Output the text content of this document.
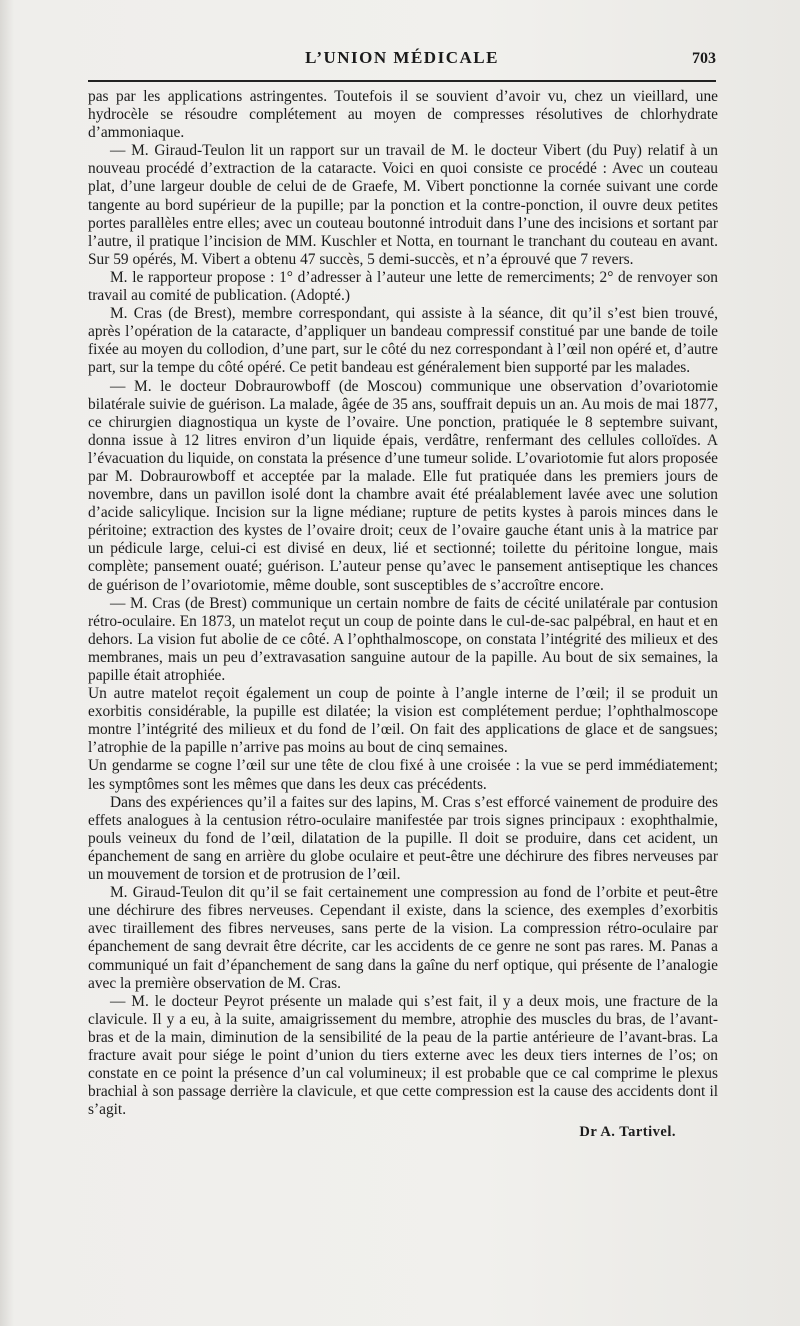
L’UNION MÉDICALE	703

pas par les applications astringentes. Toutefois il se souvient d’avoir vu, chez un vieillard, une hydrocèle se résoudre complétement au moyen de compresses résolutives de chlorhydrate d’ammoniaque.

— M. Giraud-Teulon lit un rapport sur un travail de M. le docteur Vibert (du Puy) relatif à un nouveau procédé d’extraction de la cataracte. Voici en quoi consiste ce procédé : Avec un couteau plat, d’une largeur double de celui de de Graefe, M. Vibert ponctionne la cornée suivant une corde tangente au bord supérieur de la pupille; par la ponction et la contre-ponction, il ouvre deux petites portes parallèles entre elles; avec un couteau boutonné introduit dans l’une des incisions et sortant par l’autre, il pratique l’incision de MM. Kuschler et Notta, en tournant le tranchant du couteau en avant. Sur 59 opérés, M. Vibert a obtenu 47 succès, 5 demi-succès, et n’a éprouvé que 7 revers.

M. le rapporteur propose : 1° d’adresser à l’auteur une lette de remerciments; 2° de renvoyer son travail au comité de publication. (Adopté.)

M. Cras (de Brest), membre correspondant, qui assiste à la séance, dit qu’il s’est bien trouvé, après l’opération de la cataracte, d’appliquer un bandeau compressif constitué par une bande de toile fixée au moyen du collodion, d’une part, sur le côté du nez correspondant à l’œil non opéré et, d’autre part, sur la tempe du côté opéré. Ce petit bandeau est généralement bien supporté par les malades.

— M. le docteur Dobraurowboff (de Moscou) communique une observation d’ovariotomie bilatérale suivie de guérison. La malade, âgée de 35 ans, souffrait depuis un an. Au mois de mai 1877, ce chirurgien diagnostiqua un kyste de l’ovaire. Une ponction, pratiquée le 8 septembre suivant, donna issue à 12 litres environ d’un liquide épais, verdâtre, renfermant des cellules colloïdes. A l’évacuation du liquide, on constata la présence d’une tumeur solide. L’ovariotomie fut alors proposée par M. Dobraurowboff et acceptée par la malade. Elle fut pratiquée dans les premiers jours de novembre, dans un pavillon isolé dont la chambre avait été préalablement lavée avec une solution d’acide salicylique. Incision sur la ligne médiane; rupture de petits kystes à parois minces dans le péritoine; extraction des kystes de l’ovaire droit; ceux de l’ovaire gauche étant unis à la matrice par un pédicule large, celui-ci est divisé en deux, lié et sectionné; toilette du péritoine longue, mais complète; pansement ouaté; guérison. L’auteur pense qu’avec le pansement antiseptique les chances de guérison de l’ovariotomie, même double, sont susceptibles de s’accroître encore.

— M. Cras (de Brest) communique un certain nombre de faits de cécité unilatérale par contusion rétro-oculaire. En 1873, un matelot reçut un coup de pointe dans le cul-de-sac palpébral, en haut et en dehors. La vision fut abolie de ce côté. A l’ophthalmoscope, on constata l’intégrité des milieux et des membranes, mais un peu d’extravasation sanguine autour de la papille. Au bout de six semaines, la papille était atrophiée.

Un autre matelot reçoit également un coup de pointe à l’angle interne de l’œil; il se produit un exorbitis considérable, la pupille est dilatée; la vision est complétement perdue; l’ophthalmoscope montre l’intégrité des milieux et du fond de l’œil. On fait des applications de glace et de sangsues; l’atrophie de la papille n’arrive pas moins au bout de cinq semaines.

Un gendarme se cogne l’œil sur une tête de clou fixé à une croisée : la vue se perd immédiatement; les symptômes sont les mêmes que dans les deux cas précédents.

Dans des expériences qu’il a faites sur des lapins, M. Cras s’est efforcé vainement de produire des effets analogues à la centusion rétro-oculaire manifestée par trois signes principaux : exophthalmie, pouls veineux du fond de l’œil, dilatation de la pupille. Il doit se produire, dans cet acident, un épanchement de sang en arrière du globe oculaire et peut-être une déchirure des fibres nerveuses par un mouvement de torsion et de protrusion de l’œil.

M. Giraud-Teulon dit qu’il se fait certainement une compression au fond de l’orbite et peut-être une déchirure des fibres nerveuses. Cependant il existe, dans la science, des exemples d’exorbitis avec tiraillement des fibres nerveuses, sans perte de la vision. La compression rétro-oculaire par épanchement de sang devrait être décrite, car les accidents de ce genre ne sont pas rares. M. Panas a communiqué un fait d’épanchement de sang dans la gaîne du nerf optique, qui présente de l’analogie avec la première observation de M. Cras.

— M. le docteur Peyrot présente un malade qui s’est fait, il y a deux mois, une fracture de la clavicule. Il y a eu, à la suite, amaigrissement du membre, atrophie des muscles du bras, de l’avant-bras et de la main, diminution de la sensibilité de la peau de la partie antérieure de l’avant-bras. La fracture avait pour siége le point d’union du tiers externe avec les deux tiers internes de l’os; on constate en ce point la présence d’un cal volumineux; il est probable que ce cal comprime le plexus brachial à son passage derrière la clavicule, et que cette compression est la cause des accidents dont il s’agit.

Dr A. Tartivel.
